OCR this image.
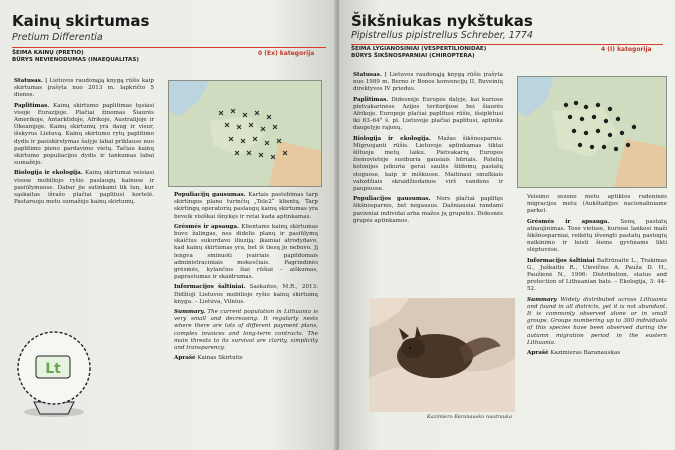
Kainų skirtumas
Pretium Differentia
ŠEIMA KAINŲ (PRETIO)
BŪRYS NEVIENODUMAS (INAEQUALITAS)
0 (Ex) kategorija

Statusas. Į Lietuvos raudonąją knygą rūšis kaip skirtumas įrašyta nuo 2013 m. lapkričio 5 dienos.

Paplitimas. Kainų skirtumo paplitimas tęsiasi visoje Eurazijoje. Plačiai žinomas Šiaurės Amerikoje, Antarktidoje, Afrikoje, Australijoje ir Okeanijoje. Kainų skirtumų yra daug ir visur, išskyrus Lietuvą. Kainų skirtumo rytų paplitimo dydis ir pasiskirstymas šalyje labai priklauso nuo paplitimo pieno pardavimo vietų. Tačiau kainų skirtumo populiacijos dydis ir tankumas labai sumažėjo.

Biologija ir ekologija. Kainų skirtumai veisiasi visose mobiliojo ryšio paslaugų kainose ir pasiūlymuose. Dabar jie sutinkami tik ten, kur sąskaitas išrašo plačiai paplitusi kortelė. Pastaruoju metu sumažėjo kainų skirtumų.

Populiacijų gausumas. Kartais pastebimas tarp skirtingos plano turinčių „Tele2“ klientų. Tarp skirtingų operatorių paslaugų kainų skirtumas yra beveik visiškai išnykęs ir retai kada aptinkamas.

Grėsmės ir apsauga. Klientams kainų skirtumas buvo žalingas, nes didelis planų ir pasiūlymų skaičius sukurdavo iliuziją: įkainiai atrodydavo, kad kainų skirtumas yra, bet iš tiesų jo nebuvo. Jį lengva sminuoti įvairiais papildomais administraciniais mokesčiais. Pagrindinės grėsmės, kylančios šiai rūšiai – aiškumas, paprastumas ir skaidrumas.

Informacijos šaltiniai. Saskaitos, M.R., 2013: Didžioji Lietuvos mobiliojo ryšio kainų skirtumų knyga. – Lietuva, Vilnius.

Summary. The current population in Lithuania is very small and decreasing. It regularly nests where there are lots of different payment plans, complex invoices and long-term contracts. The main threats to its survival are clarity, simplicity and transparency.

Aprašė Kainas Skirtutis

Lt
Šikšniukas nykštukas
Pipistrellus pipistrellus Schreber, 1774
ŠEIMA LYGIANOSINIAI (VESPERTILIONIDAE)
BŪRYS ŠIKŠNOSPARNIAI (CHIROPTERA)
4 (I) kategorija

Statusas. Į Lietuvos raudonąją knygą rūšis įrašyta nuo 1989 m. Berno ir Bonos konvencijų II, Buveinių direktyvos IV priedus.

Paplitimas. Didesnėje Europos dalyje, kai kuriose pietvakarinėse Azijos teritorijose bei šiaurės Afrikoje. Europoje plačiai paplitusi rūšis, išsiplėtusi iki 63–64° š. pl. Lietuvoje plačiai paplitusi, aptinka daugelyje rajonų.

Biologija ir ekologija. Mažas šikšnosparnis. Migruojanti rūšis. Lietuvoje aptinkamas tiktai šiltuoju metų laiku. Pietvakarių Europos žiemovietėje susiburia gausiais būriais. Patelių kolonijos įsikuria gerai saulės šildomų pastatų stoguose, kaip ir miškuose. Maitinasi smulkiais vabzdžiais skraidžiodamos virš vandens ir paupiuose.

Populiacijos gausumas. Nors plačiai paplitęs šikšnosparnis, bet negausus. Dažniausiai randami pavieniai individai arba mažos jų grupelės. Didesnės grupės aptinkamos.

Veisimo sezono metu aptiktos rudeninės migracijos metu (Aukštaitijos nacionaliniame parke).

Grėsmės ir apsauga. Senų pastatų atnaujinimas. Tose vietose, kuriose lankosi maži šikšnosparniai, reikėtų išvengti pastatų pastogių naikinimo ir leisti šiems gyvūnams likti slėptuvėse.

Informacijos šaltiniai Baltrūnaitė L., Trakimas G., Juškaitis R., Ulevičius A. Pauža D. H., Paužienė N., 1996: Distribution, status and protection of Lithuanian bats. – Ekologija, 3: 44–52.

Summary Widely distributed across Lithuania and found in all districts, yet it is not abundant. It is commonly observed alone or in small groups. Groups numbering up to 300 individuals of this species have been observed during the autumn migration period in the eastern Lithuania.

Aprašė Kazimieras Baranauskas

Kazimiero Baranausko nuotrauka
